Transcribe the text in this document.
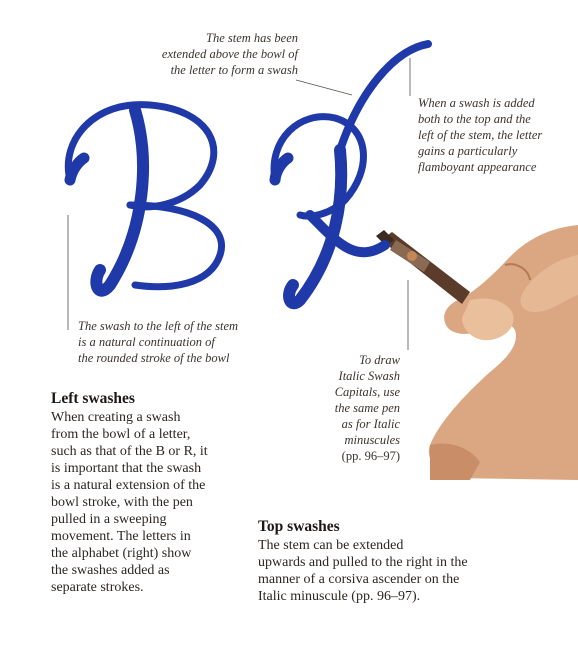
The stem has been
extended above the bowl of
the letter to form a swash
When a swash is added
both to the top and the
left of the stem, the letter
gains a particularly
flamboyant appearance
The swash to the left of the stem
is a natural continuation of
the rounded stroke of the bowl	To draw
Italic Swash
Capitals, use
the same pen
as for Italic
minuscules
(pp. 96–97)
Left swashes
When creating a swash
from the bowl of a letter,
such as that of the B or R, it
is important that the swash
is a natural extension of the
bowl stroke, with the pen
pulled in a sweeping
movement. The letters in
the alphabet (right) show
the swashes added as
separate strokes.
Top swashes
The stem can be extended
upwards and pulled to the right in the
manner of a corsiva ascender on the
Italic minuscule (pp. 96–97).
